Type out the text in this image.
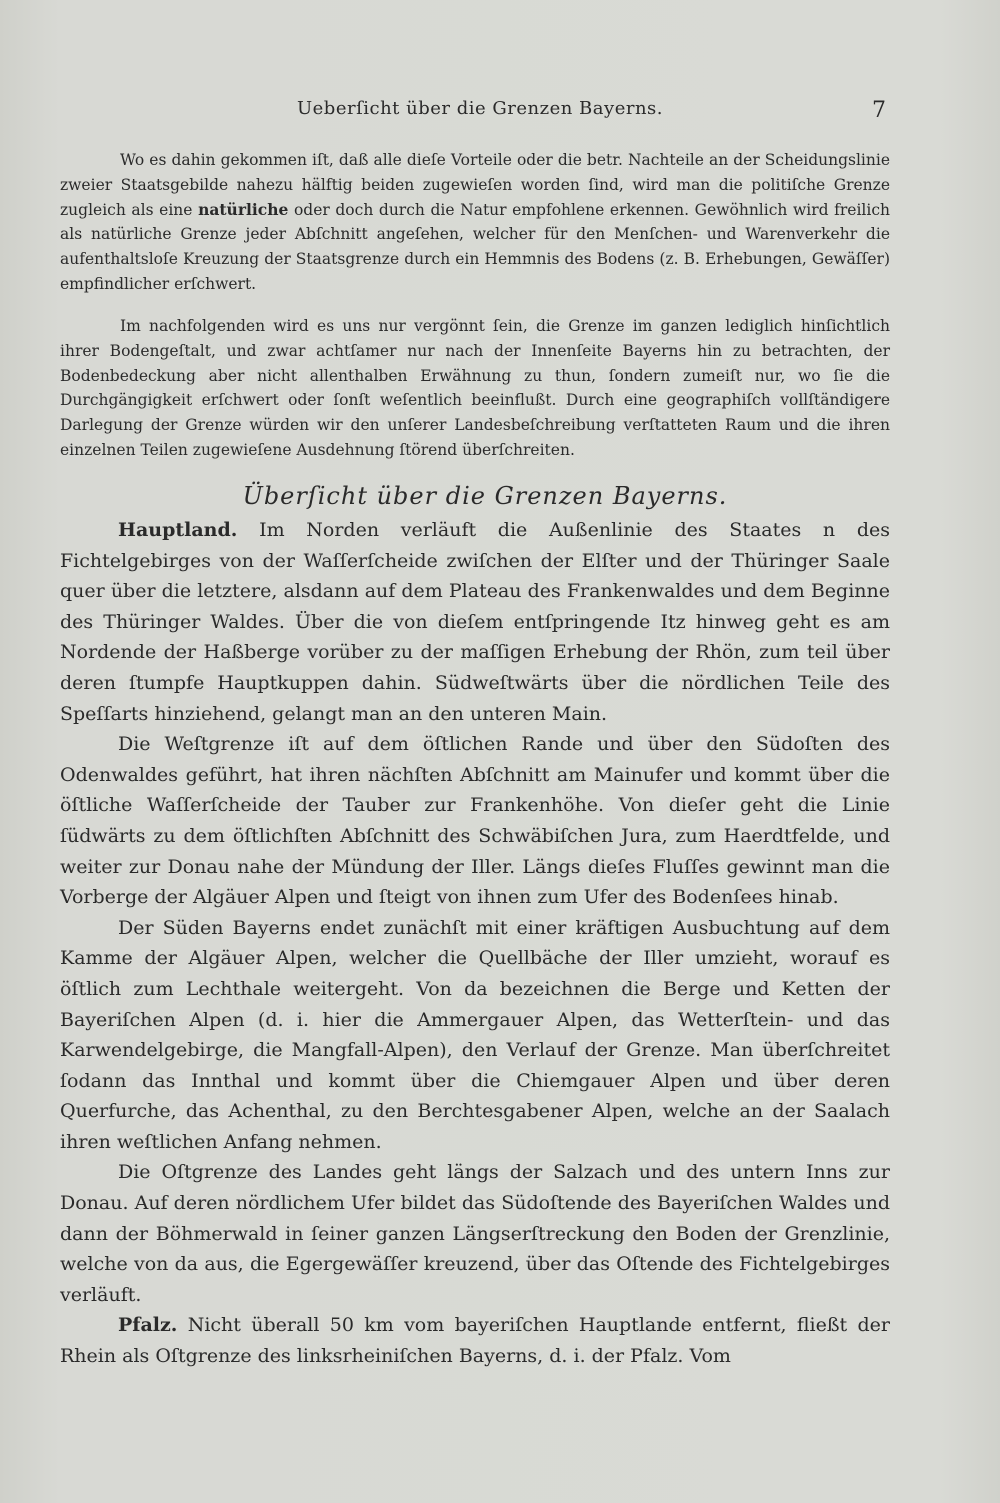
Ueberſicht über die Grenzen Bayerns.	7

Wo es dahin gekommen iſt, daß alle dieſe Vorteile oder die betr. Nachteile an der Scheidungslinie zweier Staatsgebilde nahezu hälftig beiden zugewieſen worden ſind, wird man die politiſche Grenze zugleich als eine natürliche oder doch durch die Natur empfohlene erkennen. Gewöhnlich wird freilich als natürliche Grenze jeder Abſchnitt angeſehen, welcher für den Menſchen- und Warenverkehr die aufenthaltsloſe Kreuzung der Staatsgrenze durch ein Hemmnis des Bodens (z. B. Erhebungen, Gewäſſer) empfindlicher erſchwert.

Im nachfolgenden wird es uns nur vergönnt ſein, die Grenze im ganzen lediglich hinſichtlich ihrer Bodengeſtalt, und zwar achtſamer nur nach der Innenſeite Bayerns hin zu betrachten, der Bodenbedeckung aber nicht allenthalben Erwähnung zu thun, ſondern zumeiſt nur, wo ſie die Durchgängigkeit erſchwert oder ſonſt weſentlich beeinflußt. Durch eine geographiſch vollſtändigere Darlegung der Grenze würden wir den unſerer Landesbeſchreibung verſtatteten Raum und die ihren einzelnen Teilen zugewieſene Ausdehnung ſtörend überſchreiten.

Überſicht über die Grenzen Bayerns.

Hauptland. Im Norden verläuft die Außenlinie des Staates n des Fichtelgebirges von der Waſſerſcheide zwiſchen der Elſter und der Thüringer Saale quer über die letztere, alsdann auf dem Plateau des Frankenwaldes und dem Beginne des Thüringer Waldes. Über die von dieſem entſpringende Itz hinweg geht es am Nordende der Haßberge vorüber zu der maſſigen Erhebung der Rhön, zum teil über deren ſtumpfe Hauptkuppen dahin. Südweſtwärts über die nördlichen Teile des Speſſarts hinziehend, gelangt man an den unteren Main.

Die Weſtgrenze iſt auf dem öſtlichen Rande und über den Südoſten des Odenwaldes geführt, hat ihren nächſten Abſchnitt am Mainufer und kommt über die öſtliche Waſſerſcheide der Tauber zur Frankenhöhe. Von dieſer geht die Linie ſüdwärts zu dem öſtlichſten Abſchnitt des Schwäbiſchen Jura, zum Haerdtfelde, und weiter zur Donau nahe der Mündung der Iller. Längs dieſes Fluſſes gewinnt man die Vorberge der Algäuer Alpen und ſteigt von ihnen zum Ufer des Bodenſees hinab.

Der Süden Bayerns endet zunächſt mit einer kräftigen Ausbuchtung auf dem Kamme der Algäuer Alpen, welcher die Quellbäche der Iller umzieht, worauf es öſtlich zum Lechthale weitergeht. Von da bezeichnen die Berge und Ketten der Bayeriſchen Alpen (d. i. hier die Ammergauer Alpen, das Wetterſtein- und das Karwendelgebirge, die Mangfall-Alpen), den Verlauf der Grenze. Man überſchreitet ſodann das Innthal und kommt über die Chiemgauer Alpen und über deren Querfurche, das Achenthal, zu den Berchtesgabener Alpen, welche an der Saalach ihren weſtlichen Anfang nehmen.

Die Oſtgrenze des Landes geht längs der Salzach und des untern Inns zur Donau. Auf deren nördlichem Ufer bildet das Südoſtende des Bayeriſchen Waldes und dann der Böhmerwald in ſeiner ganzen Längserſtreckung den Boden der Grenzlinie, welche von da aus, die Egergewäſſer kreuzend, über das Oſtende des Fichtelgebirges verläuft.

Pfalz. Nicht überall 50 km vom bayeriſchen Hauptlande entfernt, fließt der Rhein als Oſtgrenze des linksrheiniſchen Bayerns, d. i. der Pfalz. Vom
